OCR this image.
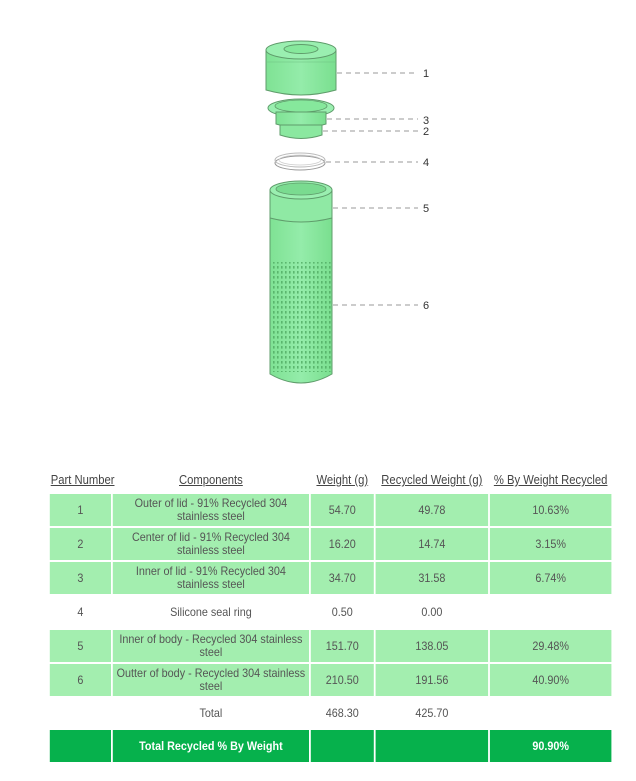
1
3
2
4
5
6
Part Number	Components	Weight (g)	Recycled Weight (g)	% By Weight Recycled
1	Outer of lid - 91% Recycled 304 stainless steel	54.70	49.78	10.63%
2	Center of lid - 91% Recycled 304 stainless steel	16.20	14.74	3.15%
3	Inner of lid - 91% Recycled 304 stainless steel	34.70	31.58	6.74%
4	Silicone seal ring	0.50	0.00	
5	Inner of body - Recycled 304 stainless steel	151.70	138.05	29.48%
6	Outter of body - Recycled 304 stainless steel	210.50	191.56	40.90%
	Total	468.30	425.70	
	Total Recycled % By Weight			90.90%
